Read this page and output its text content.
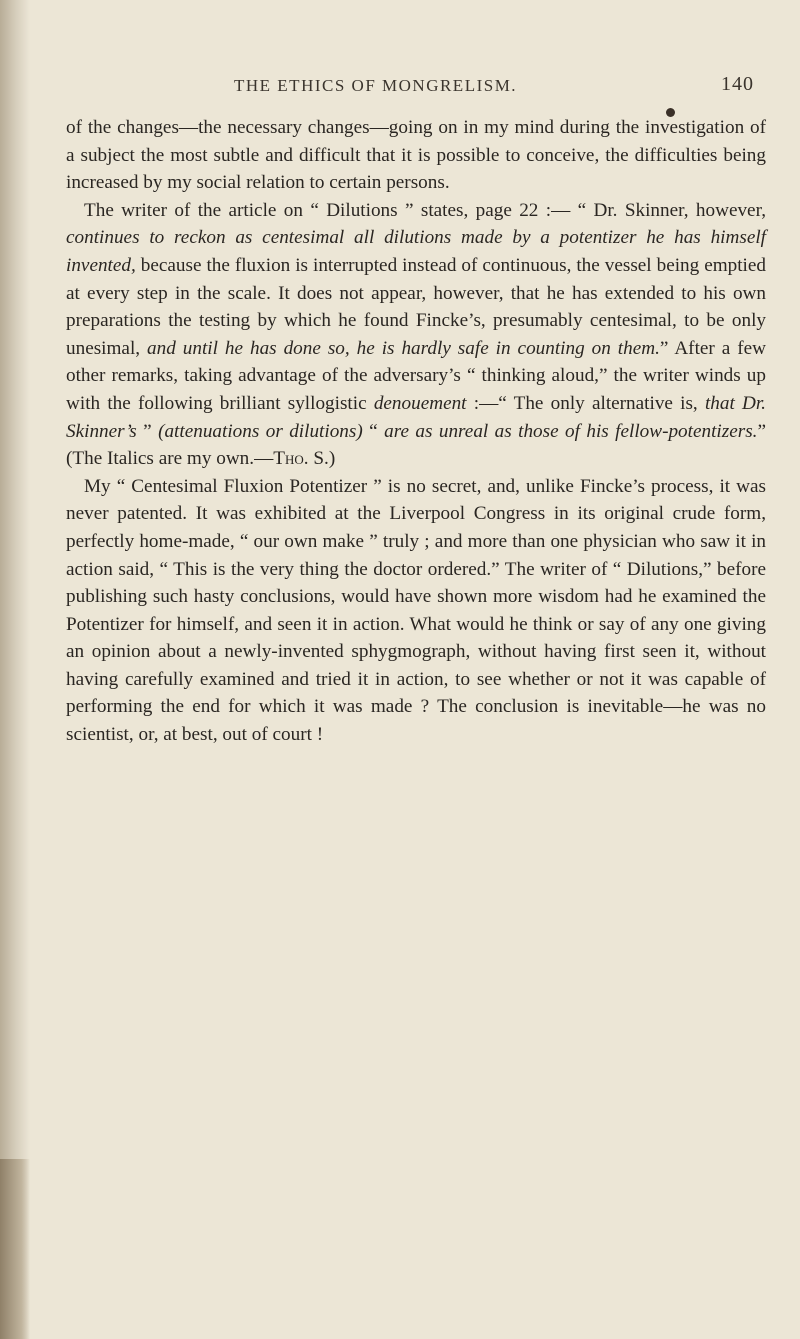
THE ETHICS OF MONGRELISM.	140

of the changes—the necessary changes—going on in my mind during the investigation of a subject the most subtle and difficult that it is possible to conceive, the difficulties being increased by my social relation to certain persons.

The writer of the article on “ Dilutions ” states, page 22 :— “ Dr. Skinner, however, continues to reckon as centesimal all dilutions made by a potentizer he has himself invented, because the fluxion is interrupted instead of continuous, the vessel being emptied at every step in the scale. It does not appear, however, that he has extended to his own preparations the testing by which he found Fincke’s, presumably centesimal, to be only unesimal, and until he has done so, he is hardly safe in counting on them.” After a few other remarks, taking advantage of the adversary’s “ thinking aloud,” the writer winds up with the following brilliant syllogistic denouement :—“ The only alternative is, that Dr. Skinner’s ” (attenuations or dilutions) “ are as unreal as those of his fellow-potentizers.” (The Italics are my own.—Tho. S.)

My “ Centesimal Fluxion Potentizer ” is no secret, and, unlike Fincke’s process, it was never patented. It was exhibited at the Liverpool Congress in its original crude form, perfectly home-made, “ our own make ” truly ; and more than one physician who saw it in action said, “ This is the very thing the doctor ordered.” The writer of “ Dilutions,” before publishing such hasty conclusions, would have shown more wisdom had he examined the Potentizer for himself, and seen it in action. What would he think or say of any one giving an opinion about a newly-invented sphygmograph, without having first seen it, without having carefully examined and tried it in action, to see whether or not it was capable of performing the end for which it was made ? The conclusion is inevitable—he was no scientist, or, at best, out of court !
